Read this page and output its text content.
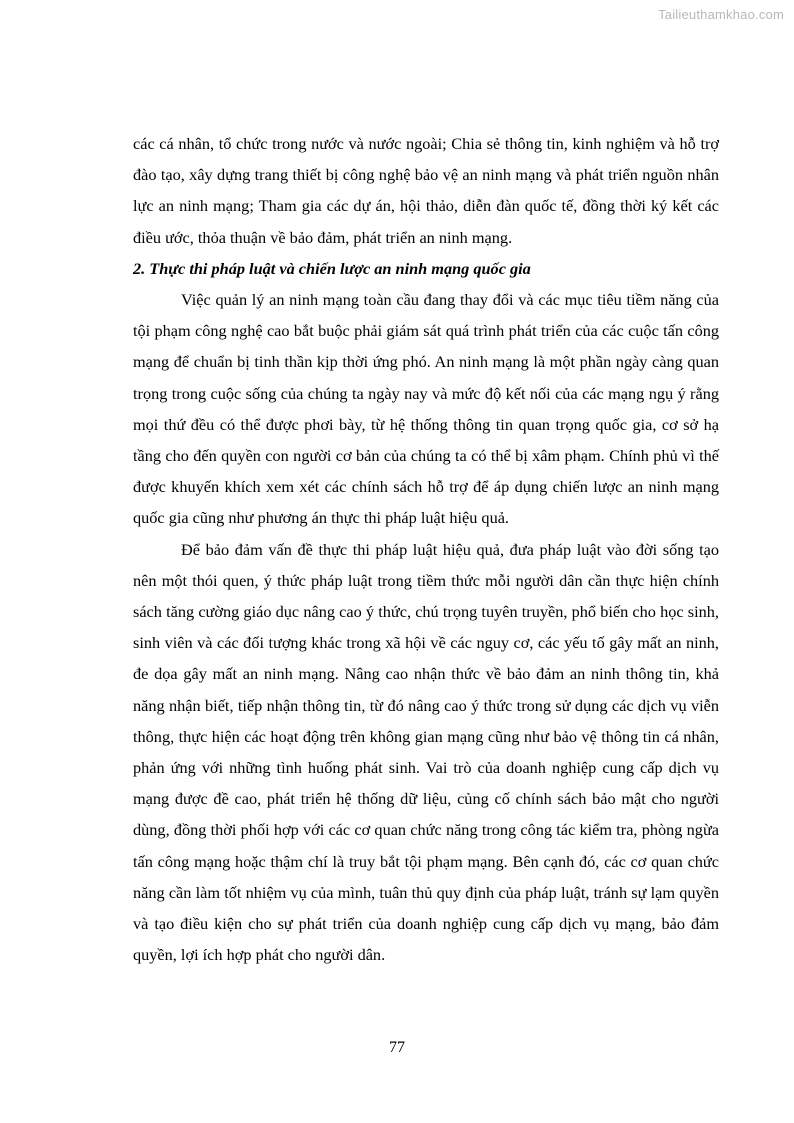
Tailieuthamkhao.com

các cá nhân, tổ chức trong nước và nước ngoài; Chia sẻ thông tin, kinh nghiệm và hỗ trợ đào tạo, xây dựng trang thiết bị công nghệ bảo vệ an ninh mạng và phát triển nguồn nhân lực an ninh mạng; Tham gia các dự án, hội thảo, diễn đàn quốc tế, đồng thời ký kết các điều ước, thỏa thuận về bảo đảm, phát triển an ninh mạng.

2. Thực thi pháp luật và chiến lược an ninh mạng quốc gia

Việc quản lý an ninh mạng toàn cầu đang thay đổi và các mục tiêu tiềm năng của tội phạm công nghệ cao bắt buộc phải giám sát quá trình phát triển của các cuộc tấn công mạng để chuẩn bị tinh thần kịp thời ứng phó. An ninh mạng là một phần ngày càng quan trọng trong cuộc sống của chúng ta ngày nay và mức độ kết nối của các mạng ngụ ý rằng mọi thứ đều có thể được phơi bày, từ hệ thống thông tin quan trọng quốc gia, cơ sở hạ tầng cho đến quyền con người cơ bản của chúng ta có thể bị xâm phạm. Chính phủ vì thế được khuyến khích xem xét các chính sách hỗ trợ để áp dụng chiến lược an ninh mạng quốc gia cũng như phương án thực thi pháp luật hiệu quả.

Để bảo đảm vấn đề thực thi pháp luật hiệu quả, đưa pháp luật vào đời sống tạo nên một thói quen, ý thức pháp luật trong tiềm thức mỗi người dân cần thực hiện chính sách tăng cường giáo dục nâng cao ý thức, chú trọng tuyên truyền, phổ biến cho học sinh, sinh viên và các đối tượng khác trong xã hội về các nguy cơ, các yếu tố gây mất an ninh, đe dọa gây mất an ninh mạng. Nâng cao nhận thức về bảo đảm an ninh thông tin, khả năng nhận biết, tiếp nhận thông tin, từ đó nâng cao ý thức trong sử dụng các dịch vụ viễn thông, thực hiện các hoạt động trên không gian mạng cũng như bảo vệ thông tin cá nhân, phản ứng với những tình huống phát sinh. Vai trò của doanh nghiệp cung cấp dịch vụ mạng được đề cao, phát triển hệ thống dữ liệu, củng cố chính sách bảo mật cho người dùng, đồng thời phối hợp với các cơ quan chức năng trong công tác kiểm tra, phòng ngừa tấn công mạng hoặc thậm chí là truy bắt tội phạm mạng. Bên cạnh đó, các cơ quan chức năng cần làm tốt nhiệm vụ của mình, tuân thủ quy định của pháp luật, tránh sự lạm quyền và tạo điều kiện cho sự phát triển của doanh nghiệp cung cấp dịch vụ mạng, bảo đảm quyền, lợi ích hợp phát cho người dân.

77
